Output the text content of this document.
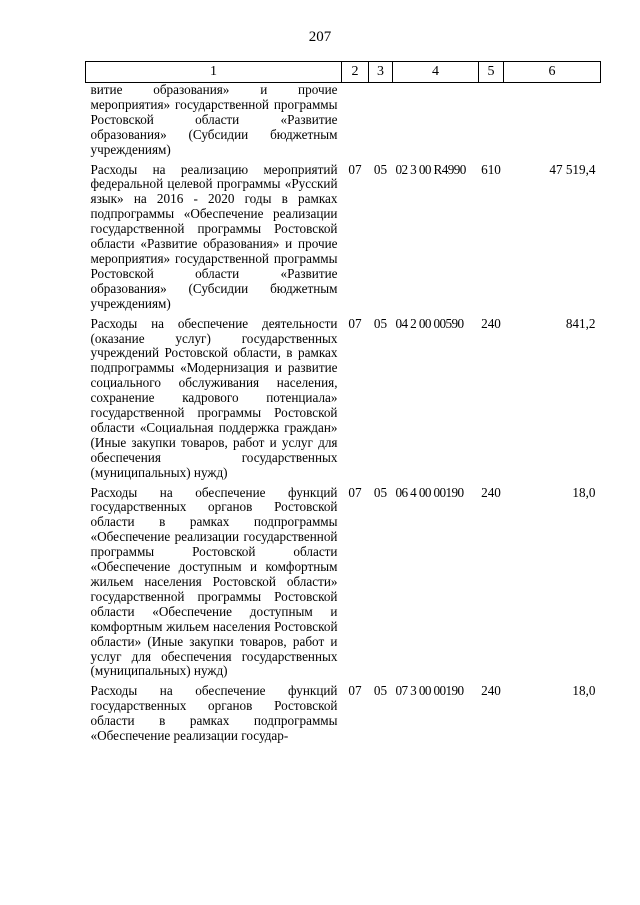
207
1	2	3	4	5	6
витие образования» и прочие мероприятия» государственной программы Ростовской области «Развитие образования» (Субсидии бюджетным учреждениям)					
Расходы на реализацию мероприятий федеральной целевой программы «Русский язык» на 2016 - 2020 годы в рамках подпрограммы «Обеспечение реализации государственной программы Ростовской области «Развитие образования» и прочие мероприятия» государственной программы Ростовской области «Развитие образования» (Субсидии бюджетным учреждениям)	07	05	02 3 00 R4990	610	47 519,4
Расходы на обеспечение деятельности (оказание услуг) государственных учреждений Ростовской области, в рамках подпрограммы «Модернизация и развитие социального обслуживания населения, сохранение кадрового потенциала» государственной программы Ростовской области «Социальная поддержка граждан» (Иные закупки товаров, работ и услуг для обеспечения государственных (муниципальных) нужд)	07	05	04 2 00 00590	240	841,2
Расходы на обеспечение функций государственных органов Ростовской области в рамках подпрограммы «Обеспечение реализации государственной программы Ростовской области «Обеспечение доступным и комфортным жильем населения Ростовской области» государственной программы Ростовской области «Обеспечение доступным и комфортным жильем населения Ростовской области» (Иные закупки товаров, работ и услуг для обеспечения государственных (муниципальных) нужд)	07	05	06 4 00 00190	240	18,0
Расходы на обеспечение функций государственных органов Ростовской области в рамках подпрограммы «Обеспечение реализации государ-	07	05	07 3 00 00190	240	18,0
